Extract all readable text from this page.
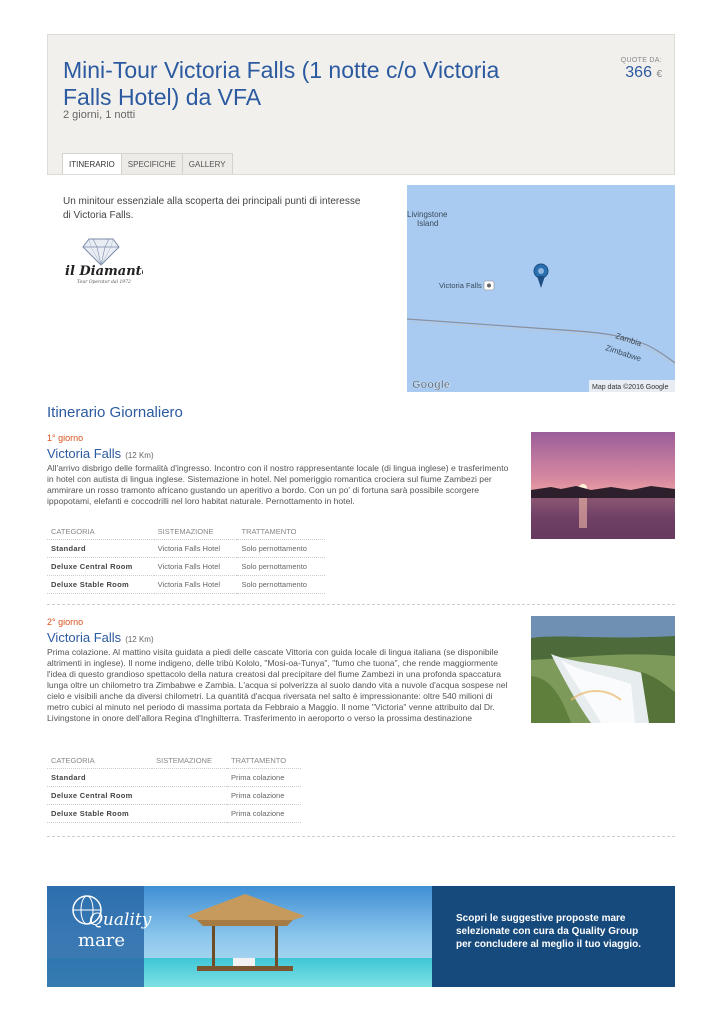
Mini-Tour Victoria Falls (1 notte c/o Victoria Falls Hotel) da VFA
2 giorni, 1 notti
QUOTE DA:
366 €
ITINERARIO	SPECIFICHE	GALLERY
Un minitour essenziale alla scoperta dei principali punti di interesse di Victoria Falls.
il Diamante
Tour Operator dal 1972
Livingstone
Island
Victoria Falls
Zambia
Zimbabwe
Google	Map data ©2016 Google
Itinerario Giornaliero
1° giorno
Victoria Falls (12 Km)
All'arrivo disbrigo delle formalità d'ingresso. Incontro con il nostro rappresentante locale (di lingua inglese) e trasferimento in hotel con autista di lingua inglese. Sistemazione in hotel. Nel pomeriggio romantica crociera sul fiume Zambezi per ammirare un rosso tramonto africano gustando un aperitivo a bordo. Con un po' di fortuna sarà possibile scorgere ippopotami, elefanti e coccodrilli nel loro habitat naturale. Pernottamento in hotel.
CATEGORIA	SISTEMAZIONE	TRATTAMENTO
Standard	Victoria Falls Hotel	Solo pernottamento
Deluxe Central Room	Victoria Falls Hotel	Solo pernottamento
Deluxe Stable Room	Victoria Falls Hotel	Solo pernottamento
2° giorno
Victoria Falls (12 Km)
Prima colazione. Al mattino visita guidata a piedi delle cascate Vittoria con guida locale di lingua italiana (se disponibile altrimenti in inglese). Il nome indigeno, delle tribù Kololo, "Mosi-oa-Tunya", "fumo che tuona", che rende maggiormente l'idea di questo grandioso spettacolo della natura creatosi dal precipitare del fiume Zambezi in una profonda spaccatura lunga oltre un chilometro tra Zimbabwe e Zambia. L'acqua si polverizza al suolo dando vita a nuvole d'acqua sospese nel cielo e visibili anche da diversi chilometri. La quantità d'acqua riversata nel salto è impressionante: oltre 540 milioni di metro cubici al minuto nel periodo di massima portata da Febbraio a Maggio. Il nome "Victoria" venne attribuito dal Dr. Livingstone in onore dell'allora Regina d'Inghilterra. Trasferimento in aeroporto o verso la prossima destinazione
CATEGORIA	SISTEMAZIONE	TRATTAMENTO
Standard		Prima colazione
Deluxe Central Room		Prima colazione
Deluxe Stable Room		Prima colazione
Quality
mare
Scopri le suggestive proposte mare selezionate con cura da Quality Group per concludere al meglio il tuo viaggio.
